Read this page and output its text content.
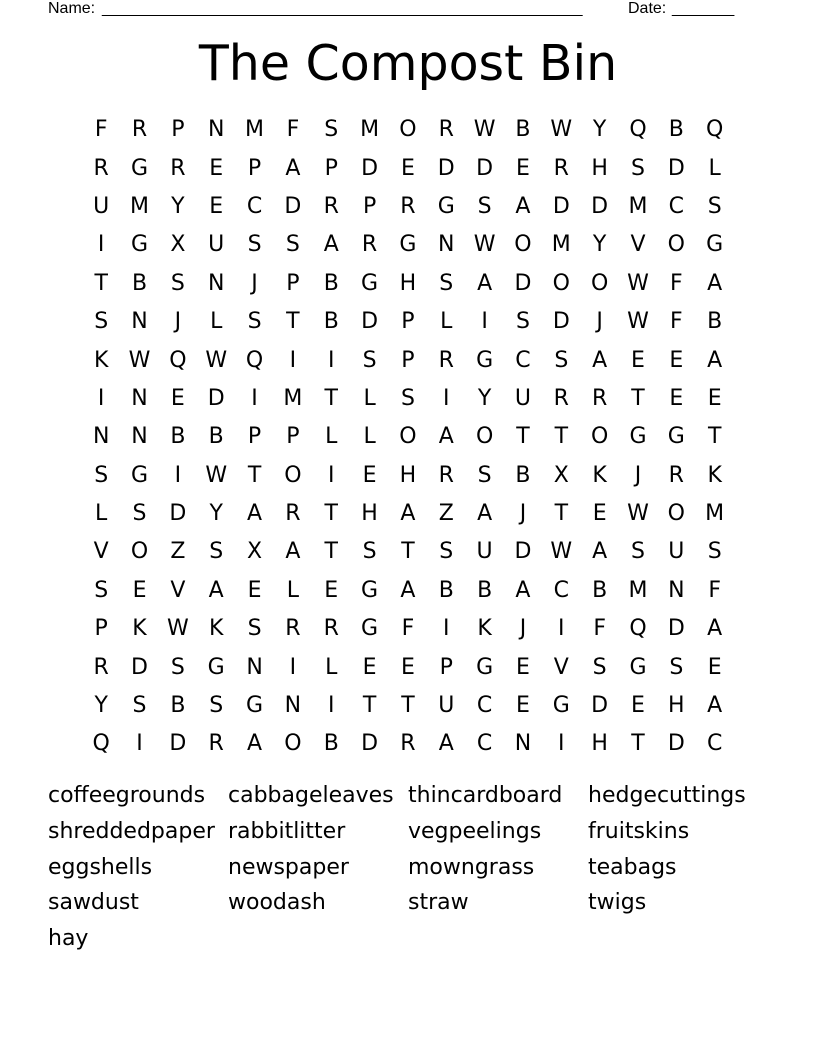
Name: ______________________________________________________	Date: _______
The Compost Bin
F	R	P	N M	F	S M O	R W B W Y	Q	B	Q
R	G	R	E	P	A	P	D	E	D D	E	R	H	S	D	L
U M	Y	E	C	D	R	P	R	G	S	A	D D M C	S
I	G	X	U	S	S	A	R	G N W O M	Y	V	O G
T	B	S	N	J	P	B	G H	S	A	D O O W F	A
S	N	J	L	S	T	B	D	P	L	I	S	D	J	W F	B
K W Q W Q	I	I	S	P	R	G	C	S	A	E	E	A
I	N	E	D	I	M	T	L	S	I	Y	U	R	R	T	E	E
N N	B	B	P	P	L	L	O	A	O	T	T	O G G	T
S	G	I	W T	O	I	E	H	R	S	B	X	K	J	R	K
L	S	D	Y	A	R	T	H	A	Z	A	J	T	E W O M
V	O	Z	S	X	A	T	S	T	S	U D W A	S	U	S
S	E	V	A	E	L	E	G	A	B	B	A	C	B M N	F
P	K W K	S	R	R	G	F	I	K	J	I	F	Q D	A
R	D	S	G N	I	L	E	E	P	G	E	V	S	G	S	E
Y	S	B	S	G N	I	T	T	U	C	E	G D	E	H	A
Q	I	D	R	A	O	B	D	R	A	C	N	I	H	T	D	C
coffeegrounds	cabbageleaves thincardboard	hedgecuttings
shreddedpaper rabbitlitter	vegpeelings	fruitskins
eggshells	newspaper	mowngrass	teabags
sawdust	woodash	straw	twigs
hay
